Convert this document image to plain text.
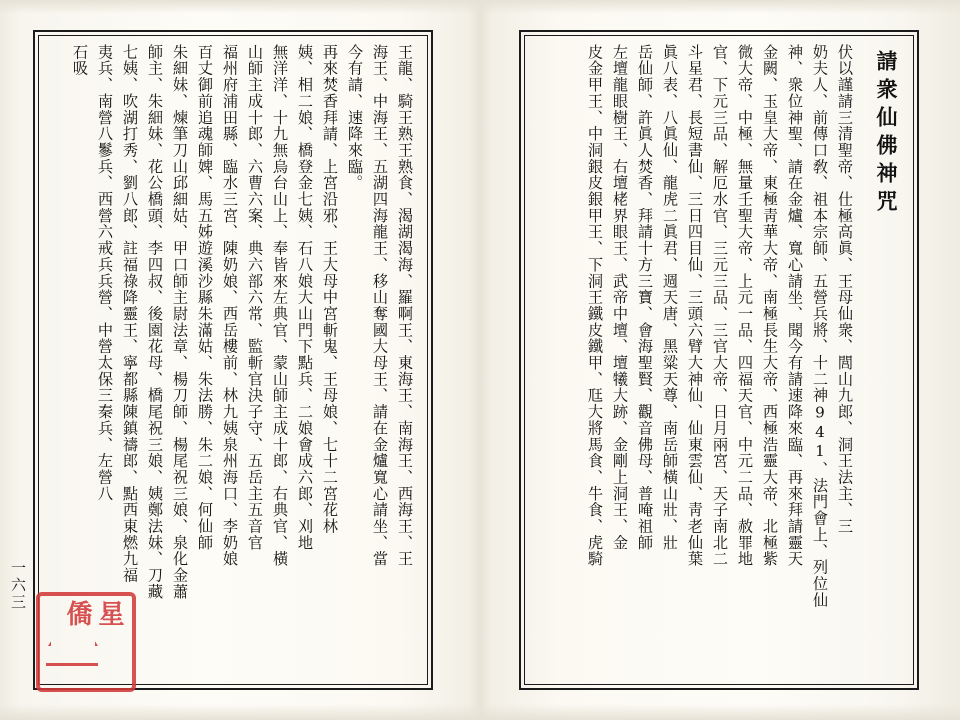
請衆仙佛神咒
伏以謹請三清聖帝、仕極高眞、王母仙衆、閭山九郎、洞王法主、三
奶夫人、前傳口敎、祖本宗師、五營兵將、十二神941、法門會上、列位仙
神、衆位神聖、請在金爐、寬心請坐、聞今有請速降來臨、再來拜請靈天
金闕、玉皇大帝、東極靑華大帝、南極長生大帝、西極浩靈大帝、北極紫
微大帝、中極、無量壬聖大帝、上元一品、四福天官、中元二品、赦罪地
官、下元三品、解厄水官、三元三品、三官大帝、日月兩宮、天子南北二
斗星君、長短書仙、三日四目仙、三頭六臂大神仙、仙東雲仙、靑老仙葉
眞八表、八眞仙、龍虎二眞君、週天唐、黑粱天尊、南岳師橫山壯、壯
岳仙師、許眞人焚香、拜請十方三寶、會海聖賢、觀音佛母、普唵祖師
左壇龍眼樹王、右壇栳界眼王、武帝中壇、壇犧大跡、金剛上洞王、金
皮金甲王、中洞銀皮銀甲王、下洞王鐵皮鐵甲、尫大將馬食、牛食、虎騎
王龍、騎王熟王熟食、渴湖渴海、羅啊王、東海王、南海王、西海王、王
海王、中海王、五湖四海龍王、移山奪國大母王、請在金爐寬心請坐、當
今有請、速降來臨。
再來焚香拜請、上宮沿邪、王大母中宮斬鬼、王母娘、七十二宮花林
姨、相二娘、橋登金七姨、石八娘大山門下點兵、二娘會成六郎、刈地
無洋洋、十九無烏台山上、奉皆來左典官、蒙山師主成十郎、右典官、橫
山師主成十郎、六曹六案、典六部六常、監斬官決子守、五岳主五音官
福州府浦田縣、臨水三宮、陳奶娘、西岳樓前、林九姨泉州海口、李奶娘
百丈御前追魂師婢、馬五姊遊溪沙縣朱滿姑、朱法勝、朱二娘、何仙師
朱細妹、煉筆刀山邱細姑、甲口師主尉法章、楊刀師、楊尾祝三娘、泉化金蕭
師主、朱細妹、花公橋頭、李四叔、後園花母、橋尾祝三娘、姨鄭法妹、刀藏
七姨、吹湖打秀、劉八郎、註福祿降靈王、寧都縣陳鎮禱郎、點西東燃九福
夷兵、南營八鬖兵、西營六戒兵兵營、中營太保三秦兵、左營八
石吸
一六三
星
僑
